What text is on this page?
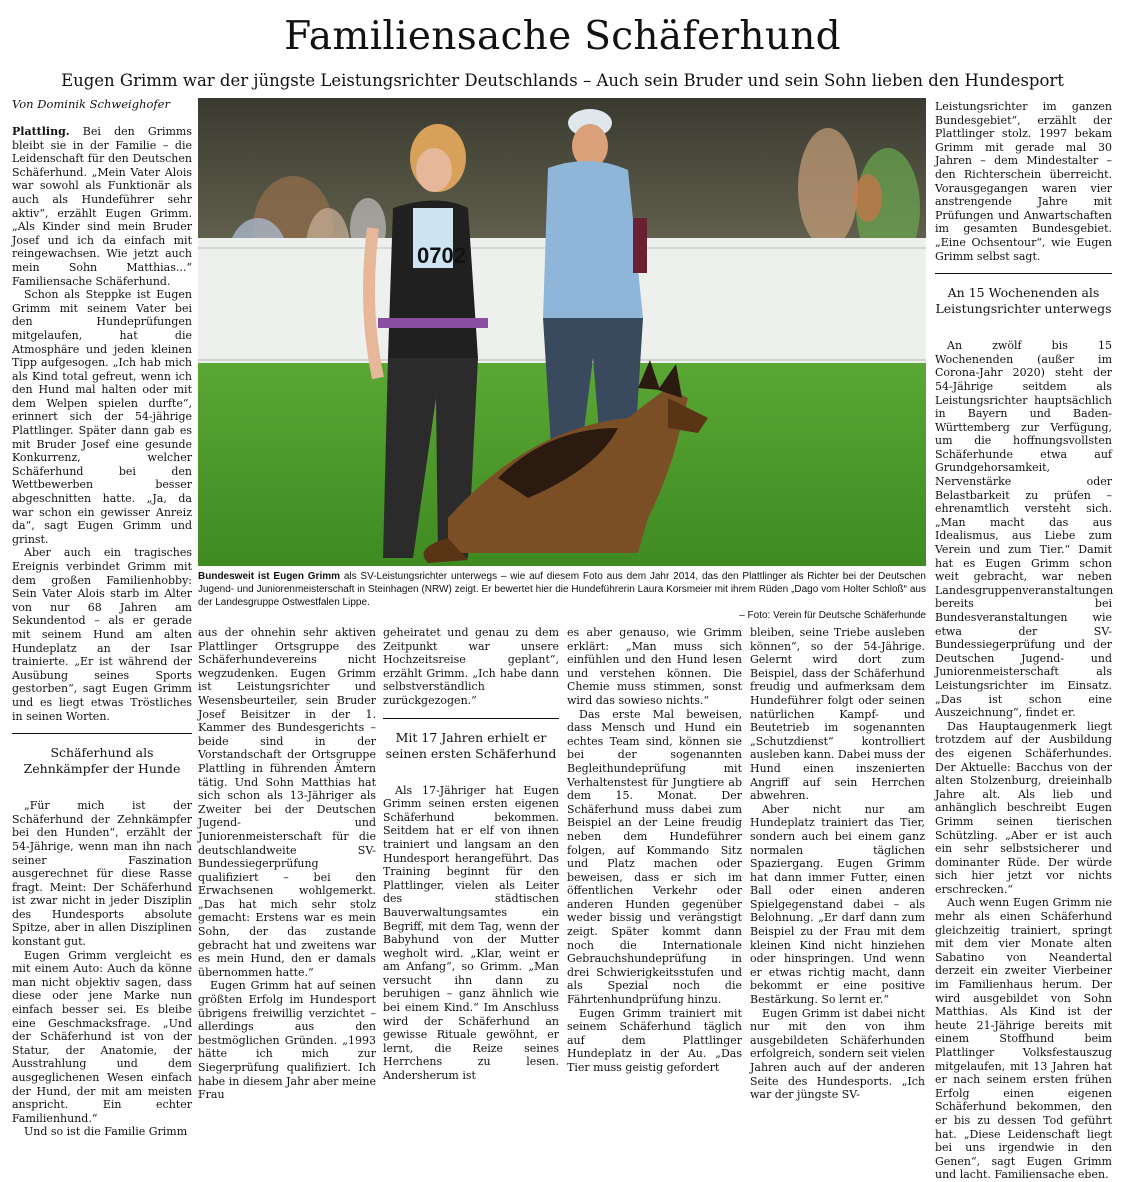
Familiensache Schäferhund
Eugen Grimm war der jüngste Leistungsrichter Deutschlands – Auch sein Bruder und sein Sohn lieben den Hundesport
Von Dominik Schweighofer

Plattling. Bei den Grimms bleibt sie in der Familie – die Leidenschaft für den Deutschen Schäferhund. „Mein Vater Alois war sowohl als Funktionär als auch als Hundeführer sehr aktiv“, erzählt Eugen Grimm. „Als Kinder sind mein Bruder Josef und ich da einfach mit reingewachsen. Wie jetzt auch mein Sohn Matthias...“ Familiensache Schäferhund.

Schon als Steppke ist Eugen Grimm mit seinem Vater bei den Hundeprüfungen mitgelaufen, hat die Atmosphäre und jeden kleinen Tipp aufgesogen. „Ich hab mich als Kind total gefreut, wenn ich den Hund mal halten oder mit dem Welpen spielen durfte“, erinnert sich der 54-jährige Plattlinger. Später dann gab es mit Bruder Josef eine gesunde Konkurrenz, welcher Schäferhund bei den Wettbewerben besser abgeschnitten hatte. „Ja, da war schon ein gewisser Anreiz da“, sagt Eugen Grimm und grinst.

Aber auch ein tragisches Ereignis verbindet Grimm mit dem großen Familienhobby: Sein Vater Alois starb im Alter von nur 68 Jahren am Sekundentod – als er gerade mit seinem Hund am alten Hundeplatz an der Isar trainierte. „Er ist während der Ausübung seines Sports gestorben“, sagt Eugen Grimm und es liegt etwas Tröstliches in seinen Worten.

Schäferhund als Zehnkämpfer der Hunde

„Für mich ist der Schäferhund der Zehnkämpfer bei den Hunden“, erzählt der 54-Jährige, wenn man ihn nach seiner Faszination ausgerechnet für diese Rasse fragt. Meint: Der Schäferhund ist zwar nicht in jeder Disziplin des Hundesports absolute Spitze, aber in allen Disziplinen konstant gut.

Eugen Grimm vergleicht es mit einem Auto: Auch da könne man nicht objektiv sagen, dass diese oder jene Marke nun einfach besser sei. Es bleibe eine Geschmacksfrage. „Und der Schäferhund ist von der Statur, der Anatomie, der Ausstrahlung und dem ausgeglichenen Wesen einfach der Hund, der mit am meisten anspricht. Ein echter Familienhund.“

Und so ist die Familie Grimm

0702
Bundesweit ist Eugen Grimm als SV-Leistungsrichter unterwegs – wie auf diesem Foto aus dem Jahr 2014, das den Plattlinger als Richter bei der Deutschen Jugend- und Juniorenmeisterschaft in Steinhagen (NRW) zeigt. Er bewertet hier die Hundeführerin Laura Korsmeier mit ihrem Rüden „Dago vom Holter Schloß“ aus der Landesgruppe Ostwestfalen Lippe.
– Foto: Verein für Deutsche Schäferhunde

aus der ohnehin sehr aktiven Plattlinger Ortsgruppe des Schäferhundevereins nicht wegzudenken. Eugen Grimm ist Leistungsrichter und Wesensbeurteiler, sein Bruder Josef Beisitzer in der 1. Kammer des Bundesgerichts – beide sind in der Vorstandschaft der Ortsgruppe Plattling in führenden Ämtern tätig. Und Sohn Matthias hat sich schon als 13-Jähriger als Zweiter bei der Deutschen Jugend- und Juniorenmeisterschaft für die deutschlandweite SV-Bundessiegerprüfung qualifiziert – bei den Erwachsenen wohlgemerkt. „Das hat mich sehr stolz gemacht: Erstens war es mein Sohn, der das zustande gebracht hat und zweitens war es mein Hund, den er damals übernommen hatte.“

Eugen Grimm hat auf seinen größten Erfolg im Hundesport übrigens freiwillig verzichtet – allerdings aus den bestmöglichen Gründen. „1993 hätte ich mich zur Siegerprüfung qualifiziert. Ich habe in diesem Jahr aber meine Frau

geheiratet und genau zu dem Zeitpunkt war unsere Hochzeitsreise geplant“, erzählt Grimm. „Ich habe dann selbstverständlich zurückgezogen.“

Mit 17 Jahren erhielt er seinen ersten Schäferhund

Als 17-Jähriger hat Eugen Grimm seinen ersten eigenen Schäferhund bekommen. Seitdem hat er elf von ihnen trainiert und langsam an den Hundesport herangeführt. Das Training beginnt für den Plattlinger, vielen als Leiter des städtischen Bauverwaltungsamtes ein Begriff, mit dem Tag, wenn der Babyhund von der Mutter wegholt wird. „Klar, weint er am Anfang“, so Grimm. „Man versucht ihn dann zu beruhigen – ganz ähnlich wie bei einem Kind.“ Im Anschluss wird der Schäferhund an gewisse Rituale gewöhnt, er lernt, die Reize seines Herrchens zu lesen. Andersherum ist

es aber genauso, wie Grimm erklärt: „Man muss sich einfühlen und den Hund lesen und verstehen können. Die Chemie muss stimmen, sonst wird das sowieso nichts.“

Das erste Mal beweisen, dass Mensch und Hund ein echtes Team sind, können sie bei der sogenannten Begleithundeprüfung mit Verhaltenstest für Jungtiere ab dem 15. Monat. Der Schäferhund muss dabei zum Beispiel an der Leine freudig neben dem Hundeführer folgen, auf Kommando Sitz und Platz machen oder beweisen, dass er sich im öffentlichen Verkehr oder anderen Hunden gegenüber weder bissig und verängstigt zeigt. Später kommt dann noch die Internationale Gebrauchshundeprüfung in drei Schwierigkeitsstufen und als Spezial noch die Fährtenhundprüfung hinzu.

Eugen Grimm trainiert mit seinem Schäferhund täglich auf dem Plattlinger Hundeplatz in der Au. „Das Tier muss geistig gefordert

bleiben, seine Triebe ausleben können“, so der 54-Jährige. Gelernt wird dort zum Beispiel, dass der Schäferhund freudig und aufmerksam dem Hundeführer folgt oder seinen natürlichen Kampf- und Beutetrieb im sogenannten „Schutzdienst“ kontrolliert ausleben kann. Dabei muss der Hund einen inszenierten Angriff auf sein Herrchen abwehren.

Aber nicht nur am Hundeplatz trainiert das Tier, sondern auch bei einem ganz normalen täglichen Spaziergang. Eugen Grimm hat dann immer Futter, einen Ball oder einen anderen Spielgegenstand dabei – als Belohnung. „Er darf dann zum Beispiel zu der Frau mit dem kleinen Kind nicht hinziehen oder hinspringen. Und wenn er etwas richtig macht, dann bekommt er eine positive Bestärkung. So lernt er.“

Eugen Grimm ist dabei nicht nur mit den von ihm ausgebildeten Schäferhunden erfolgreich, sondern seit vielen Jahren auch auf der anderen Seite des Hundesports. „Ich war der jüngste SV-

Leistungsrichter im ganzen Bundesgebiet“, erzählt der Plattlinger stolz. 1997 bekam Grimm mit gerade mal 30 Jahren – dem Mindestalter – den Richterschein überreicht. Vorausgegangen waren vier anstrengende Jahre mit Prüfungen und Anwartschaften im gesamten Bundesgebiet. „Eine Ochsentour“, wie Eugen Grimm selbst sagt.

An 15 Wochenenden als Leistungsrichter unterwegs

An zwölf bis 15 Wochenenden (außer im Corona-Jahr 2020) steht der 54-Jährige seitdem als Leistungsrichter hauptsächlich in Bayern und Baden-Württemberg zur Verfügung, um die hoffnungsvollsten Schäferhunde etwa auf Grundgehorsamkeit, Nervenstärke oder Belastbarkeit zu prüfen – ehrenamtlich versteht sich. „Man macht das aus Idealismus, aus Liebe zum Verein und zum Tier.“ Damit hat es Eugen Grimm schon weit gebracht, war neben Landesgruppenveranstaltungen bereits bei Bundesveranstaltungen wie etwa der SV-Bundessiegerprüfung und der Deutschen Jugend- und Juniorenmeisterschaft als Leistungsrichter im Einsatz. „Das ist schon eine Auszeichnung“, findet er.

Das Hauptaugenmerk liegt trotzdem auf der Ausbildung des eigenen Schäferhundes. Der Aktuelle: Bacchus von der alten Stolzenburg, dreieinhalb Jahre alt. Als lieb und anhänglich beschreibt Eugen Grimm seinen tierischen Schützling. „Aber er ist auch ein sehr selbstsicherer und dominanter Rüde. Der würde sich hier jetzt vor nichts erschrecken.“

Auch wenn Eugen Grimm nie mehr als einen Schäferhund gleichzeitig trainiert, springt mit dem vier Monate alten Sabatino von Neandertal derzeit ein zweiter Vierbeiner im Familienhaus herum. Der wird ausgebildet von Sohn Matthias. Als Kind ist der heute 21-Jährige bereits mit einem Stoffhund beim Plattlinger Volksfestauszug mitgelaufen, mit 13 Jahren hat er nach seinem ersten frühen Erfolg einen eigenen Schäferhund bekommen, den er bis zu dessen Tod geführt hat. „Diese Leidenschaft liegt bei uns irgendwie in den Genen“, sagt Eugen Grimm und lacht. Familiensache eben.
